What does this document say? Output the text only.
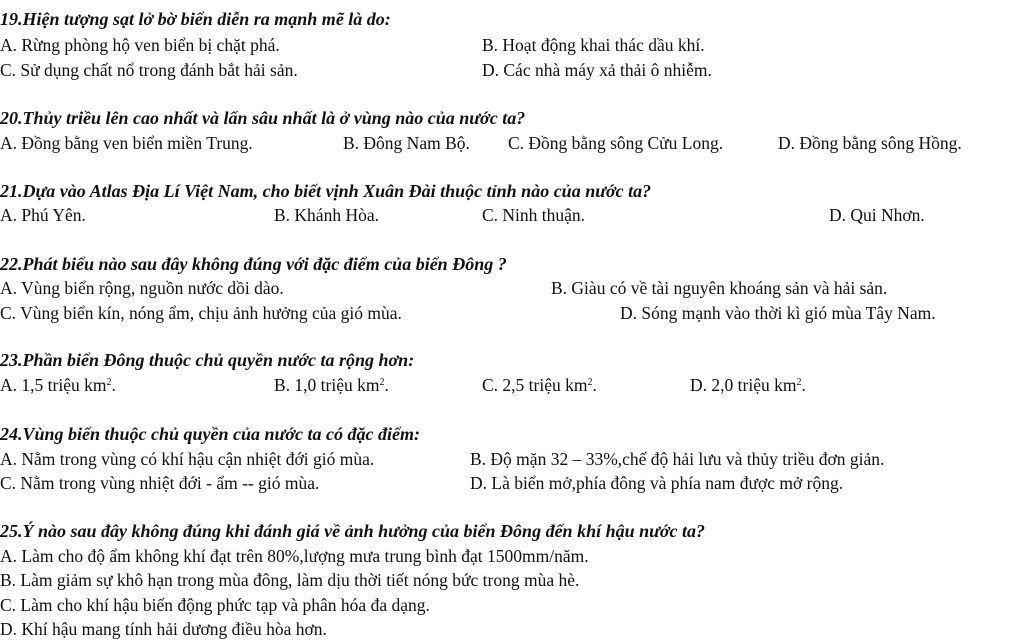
19.Hiện tượng sạt lở bờ biển diễn ra mạnh mẽ là do:
A. Rừng phòng hộ ven biển bị chặt phá.	B. Hoạt động khai thác dầu khí.
C. Sử dụng chất nổ trong đánh bắt hải sản.	D. Các nhà máy xả thải ô nhiễm.
20.Thủy triều lên cao nhất và lấn sâu nhất là ở vùng nào của nước ta?
A. Đồng bằng ven biển miền Trung.	B. Đông Nam Bộ. C. Đồng bằng sông Cửu Long.	D. Đồng bằng sông Hồng.
21.Dựa vào Atlas Địa Lí Việt Nam, cho biết vịnh Xuân Đài thuộc tỉnh nào của nước ta?
A. Phú Yên.	B. Khánh Hòa.	C. Ninh thuận.	D. Qui Nhơn.
22.Phát biểu nào sau đây không đúng với đặc điểm của biển Đông ?
A. Vùng biển rộng, nguồn nước dồi dào.	B. Giàu có về tài nguyên khoáng sản và hải sản.
C. Vùng biển kín, nóng ẩm, chịu ảnh hưởng của gió mùa.	D. Sóng mạnh vào thời kì gió mùa Tây Nam.
23.Phần biển Đông thuộc chủ quyền nước ta rộng hơn:
A. 1,5 triệu $km^2$.	B. 1,0 triệu $km^2$.	C. 2,5 triệu $km^2$.	D. 2,0 triệu $km^2$.
24.Vùng biển thuộc chủ quyền của nước ta có đặc điểm:
A. Nằm trong vùng có khí hậu cận nhiệt đới gió mùa.	B. Độ mặn 32 – 33%,chế độ hải lưu và thủy triều đơn giản.
C. Nằm trong vùng nhiệt đới - ẩm -- gió mùa.	D. Là biển mở,phía đông và phía nam được mở rộng.
25.Ý nào sau đây không đúng khi đánh giá về ảnh hưởng của biển Đông đến khí hậu nước ta?
A. Làm cho độ ẩm không khí đạt trên 80%,lượng mưa trung bình đạt 1500mm/năm.
B. Làm giảm sự khô hạn trong mùa đông, làm dịu thời tiết nóng bức trong mùa hè.
C. Làm cho khí hậu biến động phức tạp và phân hóa đa dạng.
D. Khí hậu mang tính hải dương điều hòa hơn.
